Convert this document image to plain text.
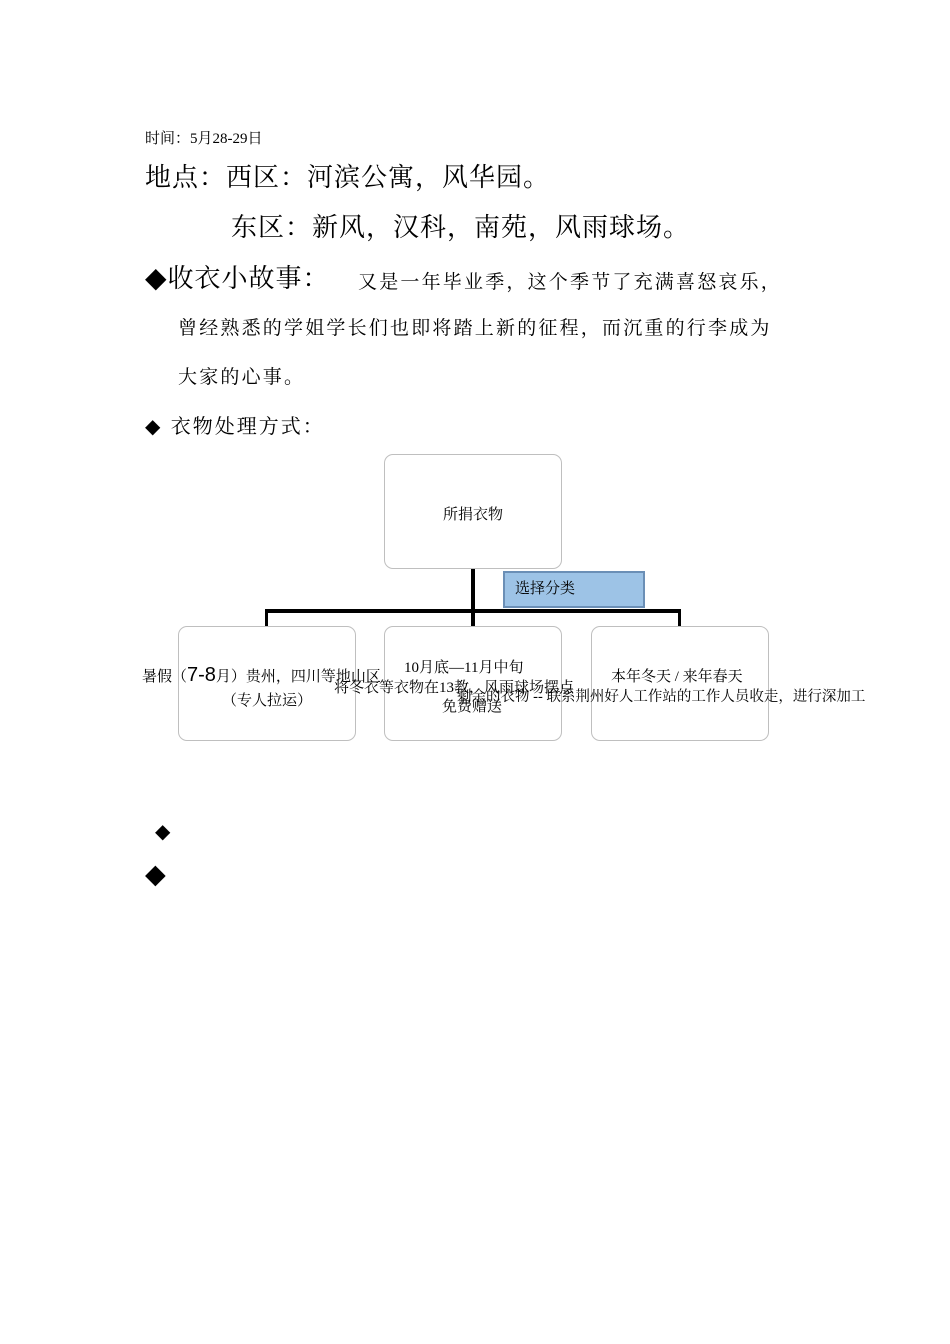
时间：5月28-29日
地点：西区：河滨公寓，风华园。
东区：新风，汉科，南苑，风雨球场。
◆收衣小故事： 又是一年毕业季，这个季节了充满喜怒哀乐，
曾经熟悉的学姐学长们也即将踏上新的征程，而沉重的行李成为
大家的心事。
◆ 衣物处理方式：
所捐衣物
选择分类
暑假（7-8月）贵州，四川等地山区
（专人拉运）
10月底—11月中旬
将冬衣等衣物在13教，风雨球场摆点
免费赠送
本年冬天 / 来年春天
剩余的衣物 -- 联系荆州好人工作站的工作人员收走，进行深加工
◆
◆
